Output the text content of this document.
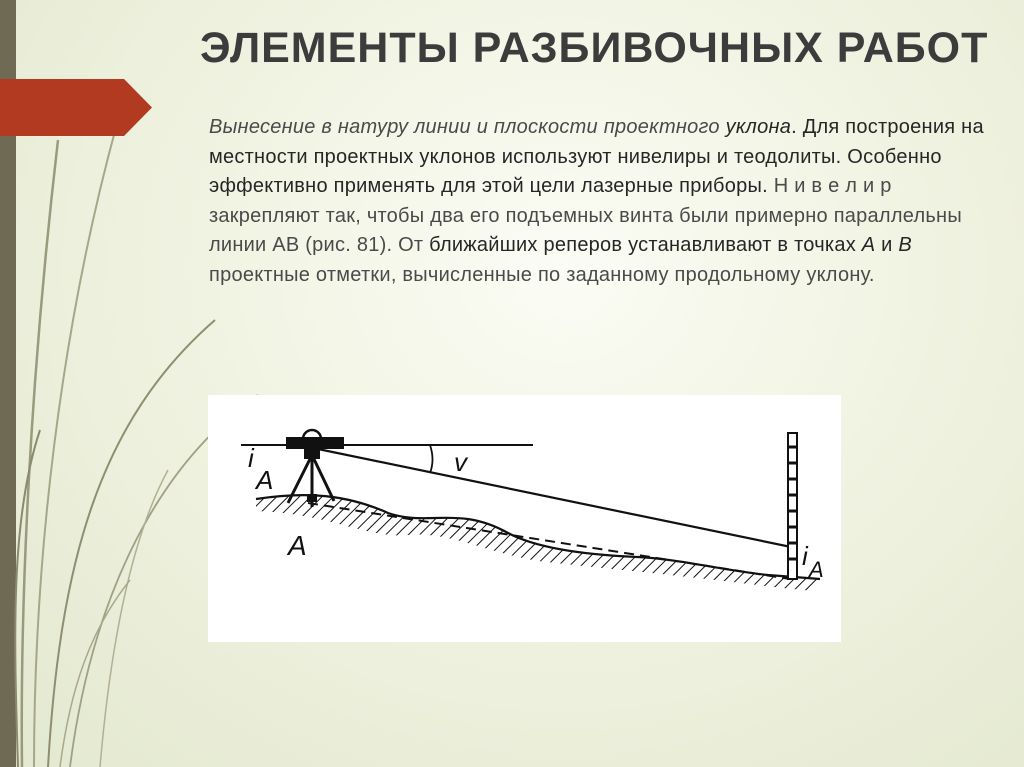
ЭЛЕМЕНТЫ РАЗБИВОЧНЫХ РАБОТ

Вынесение в натуру линии и плоскости проектного уклона. Для построения на местности проектных уклонов используют нивелиры и теодолиты. Особенно эффективно применять для этой цели лазерные приборы. Н и в е л и р закрепляют так, чтобы два его подъемных винта были примерно параллельны линии АВ (рис. 81). От ближайших реперов устанавливают в точках А и В
проектные отметки, вычисленные по заданному продольному уклону.

i
A
A
v
i A
